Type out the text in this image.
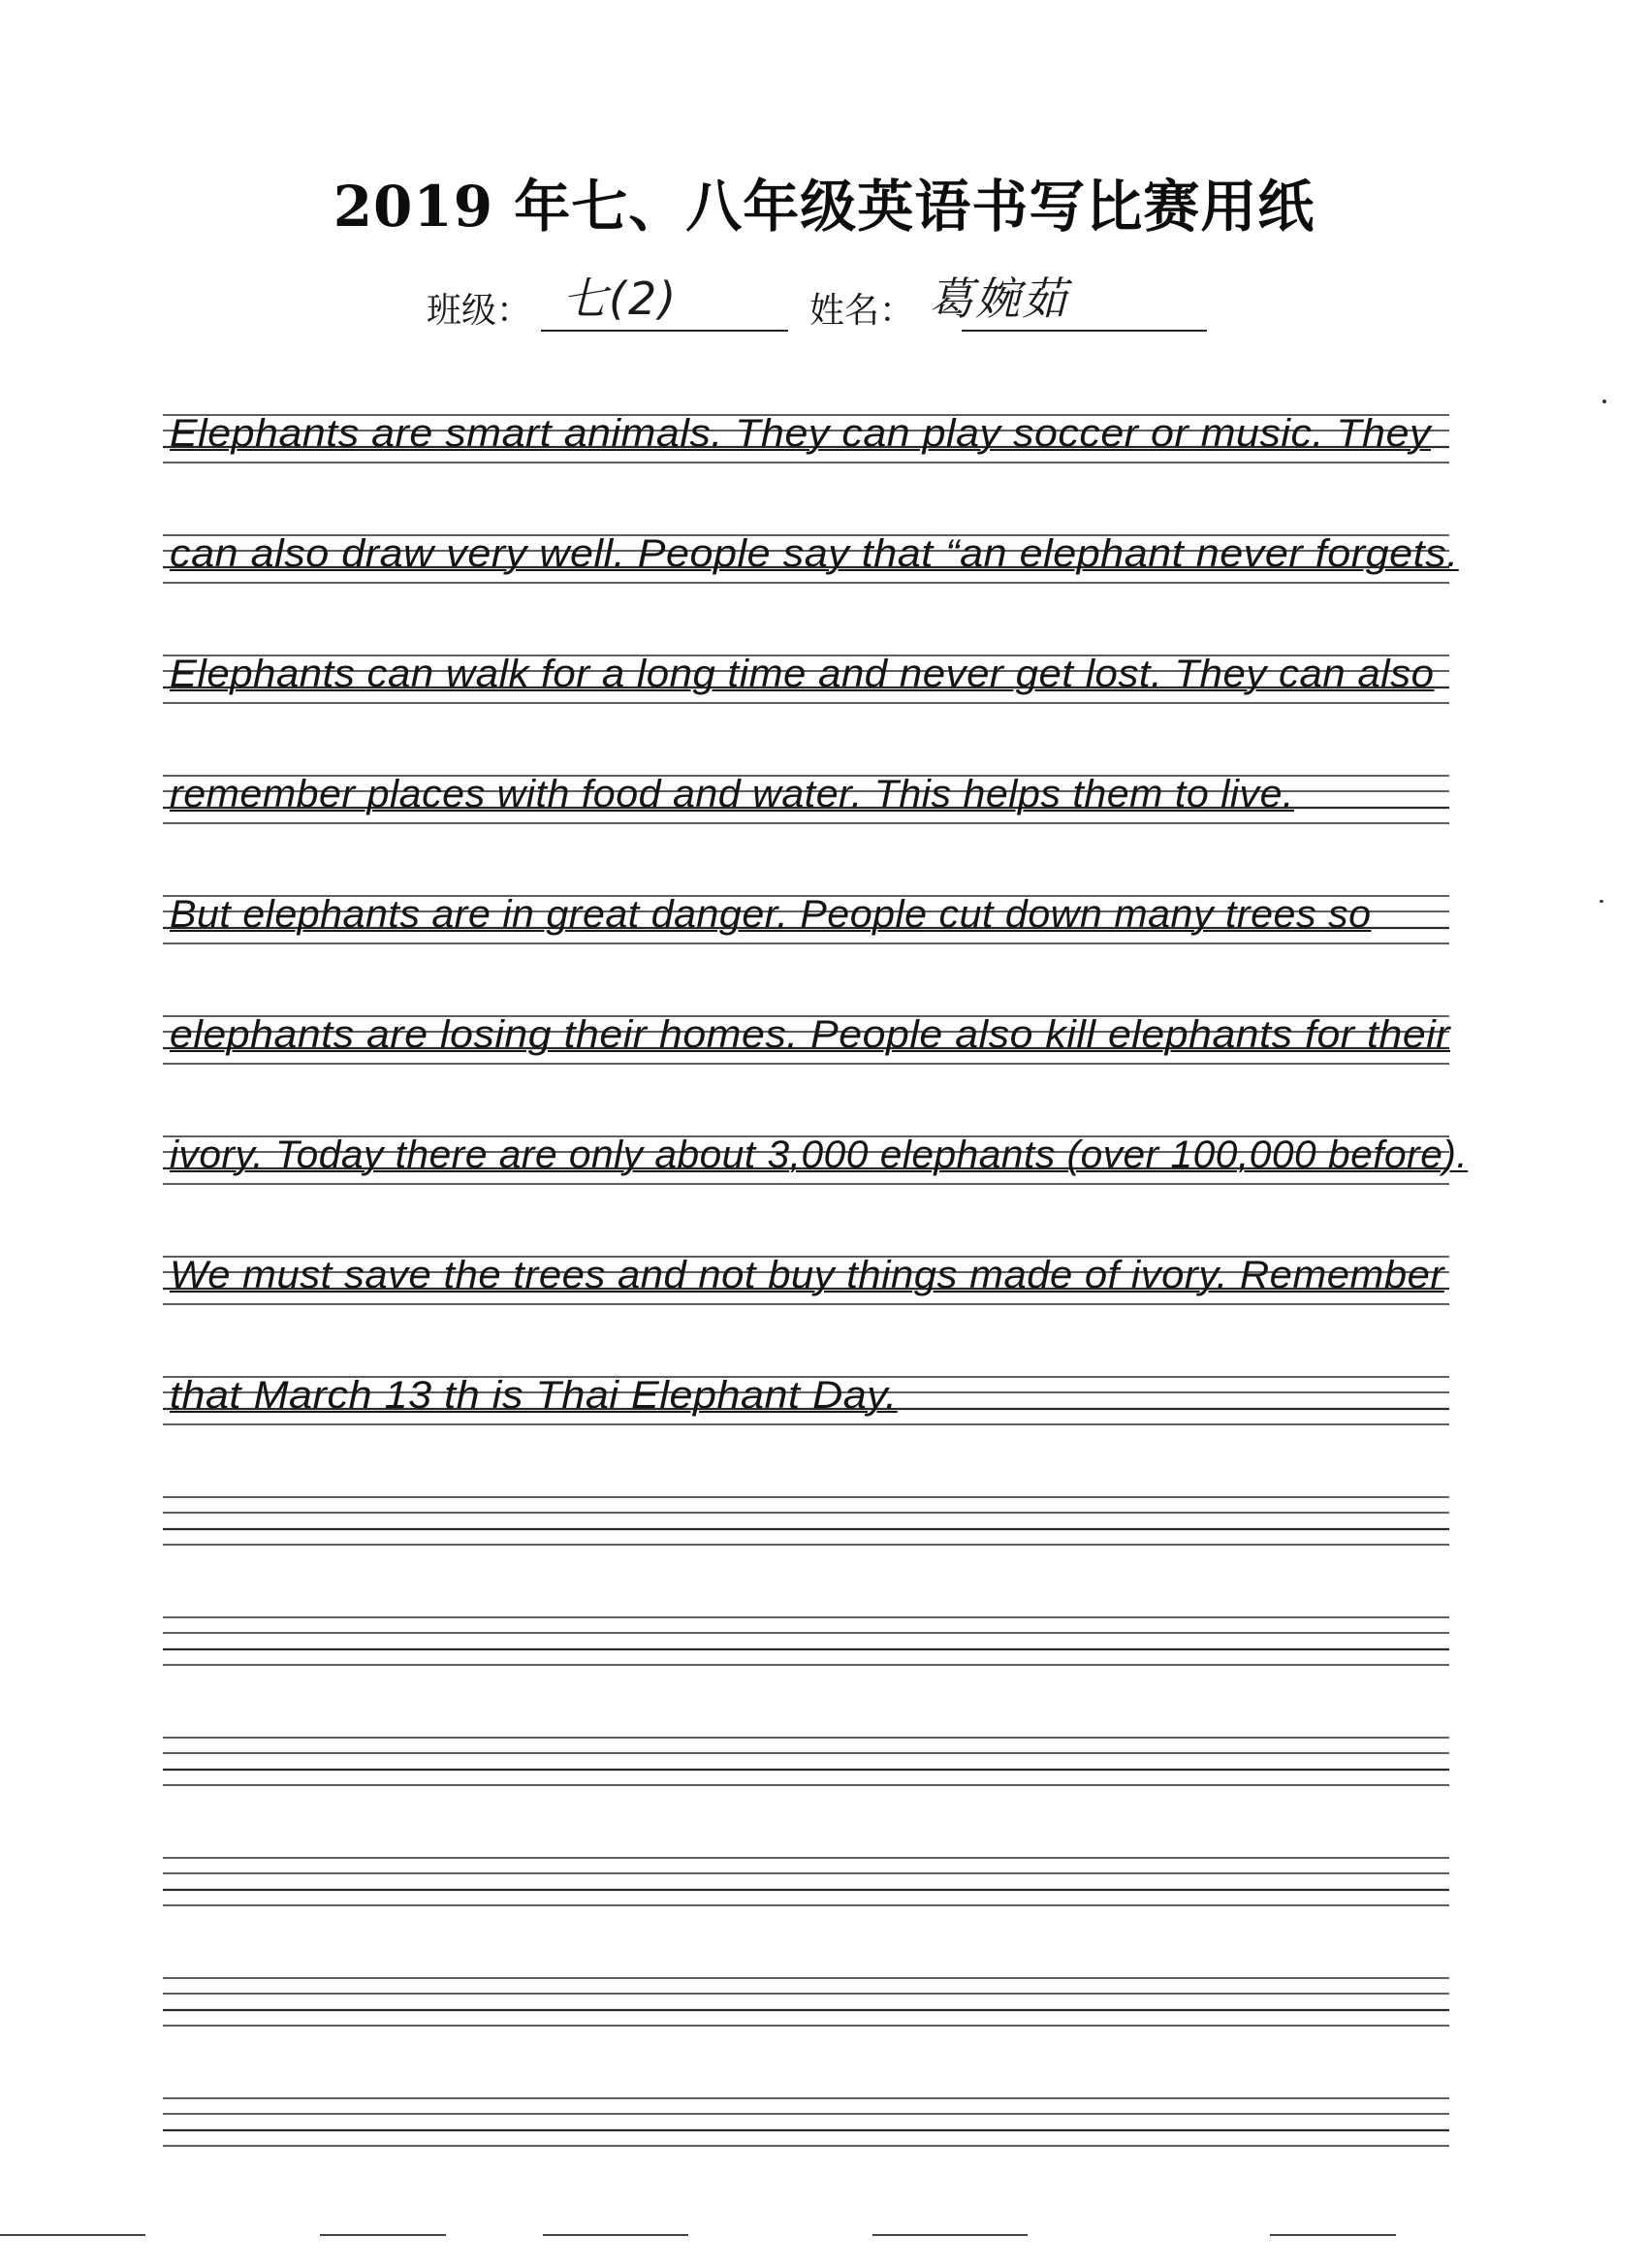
2019 年七、八年级英语书写比赛用纸
班级： 七(2)	姓名： 葛婉茹
Elephants are smart animals. They can play soccer or music. They
can also draw very well. People say that “an elephant never forgets.
Elephants can walk for a long time and never get lost. They can also
remember places with food and water. This helps them to live.
But elephants are in great danger. People cut down many trees so
elephants are losing their homes. People also kill elephants for their
ivory. Today there are only about 3,000 elephants (over 100,000 before).
We must save the trees and not buy things made of ivory. Remember
that March 13 th is Thai Elephant Day.
